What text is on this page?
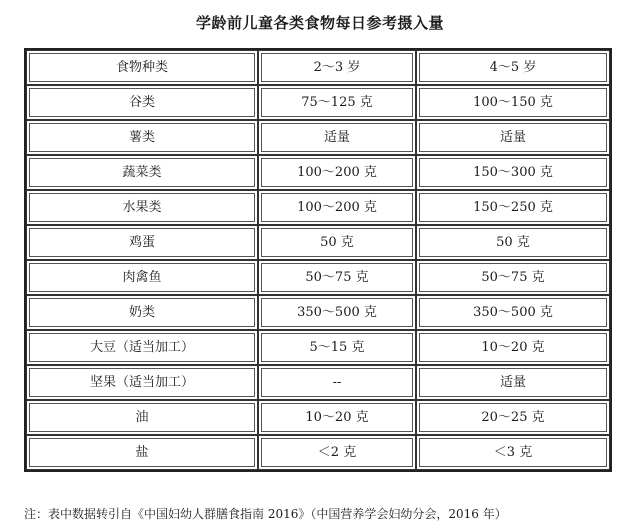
学龄前儿童各类食物每日参考摄入量
食物种类	2～3 岁	4～5 岁
谷类	75～125 克	100～150 克
薯类	适量	适量
蔬菜类	100～200 克	150～300 克
水果类	100～200 克	150～250 克
鸡蛋	50 克	50 克
肉禽鱼	50～75 克	50～75 克
奶类	350～500 克	350～500 克
大豆（适当加工）	5～15 克	10～20 克
坚果（适当加工）	--	适量
油	10～20 克	20～25 克
盐	＜2 克	＜3 克
注：表中数据转引自《中国妇幼人群膳食指南 2016》（中国营养学会妇幼分会，2016 年）
